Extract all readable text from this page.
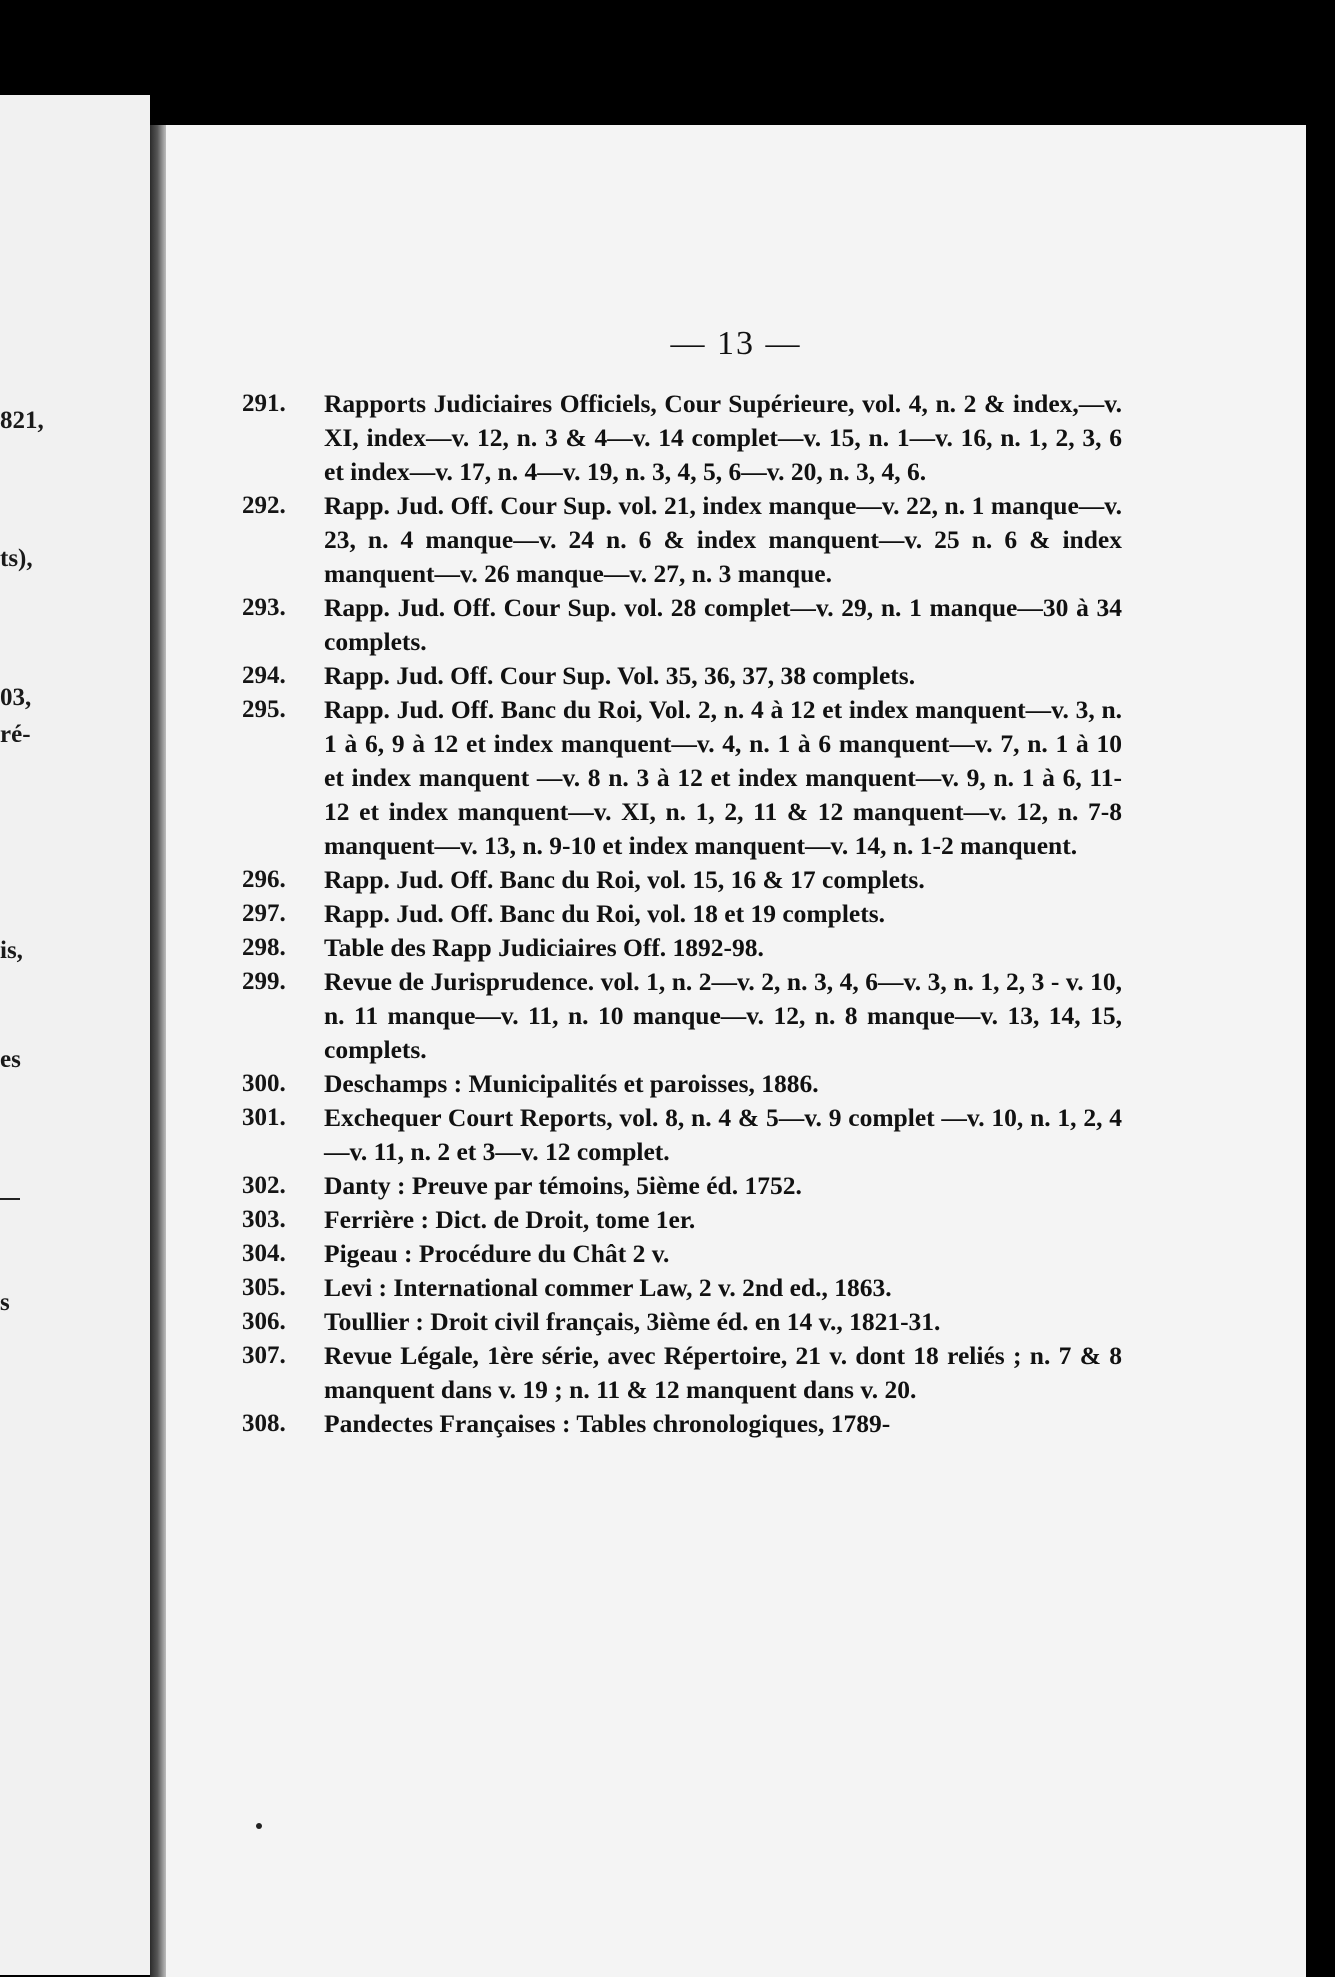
821,
ts),
03,
ré-
is,
es
s
— 13 —
291.	Rapports Judiciaires Officiels, Cour Supérieure, vol. 4, n. 2 & index,—v. XI, index—v. 12, n. 3 & 4—v. 14 complet—v. 15, n. 1—v. 16, n. 1, 2, 3, 6 et index—v. 17, n. 4—v. 19, n. 3, 4, 5, 6—v. 20, n. 3, 4, 6.
292.	Rapp. Jud. Off. Cour Sup. vol. 21, index manque—v. 22, n. 1 manque—v. 23, n. 4 manque—v. 24 n. 6 & index manquent—v. 25 n. 6 & index manquent—v. 26 manque—v. 27, n. 3 manque.
293.	Rapp. Jud. Off. Cour Sup. vol. 28 complet—v. 29, n. 1 manque—30 à 34 complets.
294.	Rapp. Jud. Off. Cour Sup. Vol. 35, 36, 37, 38 complets.
295.	Rapp. Jud. Off. Banc du Roi, Vol. 2, n. 4 à 12 et index manquent—v. 3, n. 1 à 6, 9 à 12 et index manquent—v. 4, n. 1 à 6 manquent—v. 7, n. 1 à 10 et index manquent —v. 8 n. 3 à 12 et index manquent—v. 9, n. 1 à 6, 11-12 et index manquent—v. XI, n. 1, 2, 11 & 12 manquent—v. 12, n. 7-8 manquent—v. 13, n. 9-10 et index manquent—v. 14, n. 1-2 manquent.
296.	Rapp. Jud. Off. Banc du Roi, vol. 15, 16 & 17 complets.
297.	Rapp. Jud. Off. Banc du Roi, vol. 18 et 19 complets.
298.	Table des Rapp Judiciaires Off. 1892-98.
299.	Revue de Jurisprudence. vol. 1, n. 2—v. 2, n. 3, 4, 6—v. 3, n. 1, 2, 3 - v. 10, n. 11 manque—v. 11, n. 10 manque—v. 12, n. 8 manque—v. 13, 14, 15, complets.
300.	Deschamps : Municipalités et paroisses, 1886.
301.	Exchequer Court Reports, vol. 8, n. 4 & 5—v. 9 complet —v. 10, n. 1, 2, 4—v. 11, n. 2 et 3—v. 12 complet.
302.	Danty : Preuve par témoins, 5ième éd. 1752.
303.	Ferrière : Dict. de Droit, tome 1er.
304.	Pigeau : Procédure du Chât 2 v.
305.	Levi : International commer Law, 2 v. 2nd ed., 1863.
306.	Toullier : Droit civil français, 3ième éd. en 14 v., 1821-31.
307.	Revue Légale, 1ère série, avec Répertoire, 21 v. dont 18 reliés ; n. 7 & 8 manquent dans v. 19 ; n. 11 & 12 manquent dans v. 20.
308.	Pandectes Françaises : Tables chronologiques, 1789-
